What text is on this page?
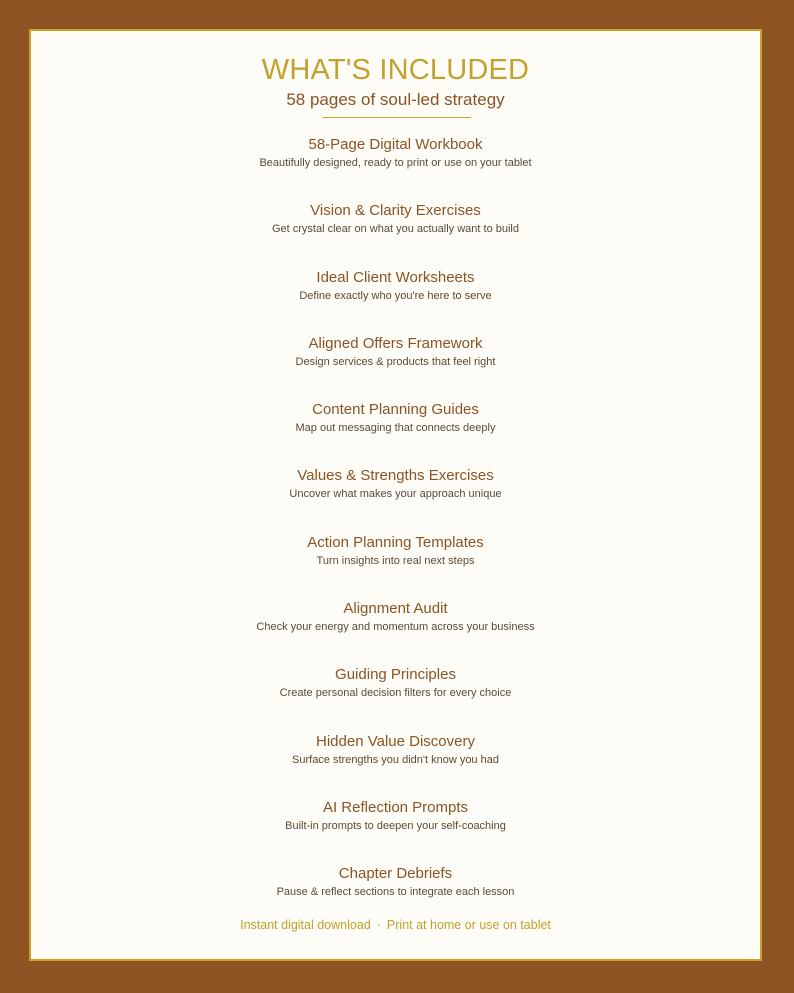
WHAT'S INCLUDED
58 pages of soul-led strategy
58-Page Digital Workbook
Beautifully designed, ready to print or use on your tablet
Vision & Clarity Exercises
Get crystal clear on what you actually want to build
Ideal Client Worksheets
Define exactly who you're here to serve
Aligned Offers Framework
Design services & products that feel right
Content Planning Guides
Map out messaging that connects deeply
Values & Strengths Exercises
Uncover what makes your approach unique
Action Planning Templates
Turn insights into real next steps
Alignment Audit
Check your energy and momentum across your business
Guiding Principles
Create personal decision filters for every choice
Hidden Value Discovery
Surface strengths you didn't know you had
AI Reflection Prompts
Built-in prompts to deepen your self-coaching
Chapter Debriefs
Pause & reflect sections to integrate each lesson
Instant digital download · Print at home or use on tablet
